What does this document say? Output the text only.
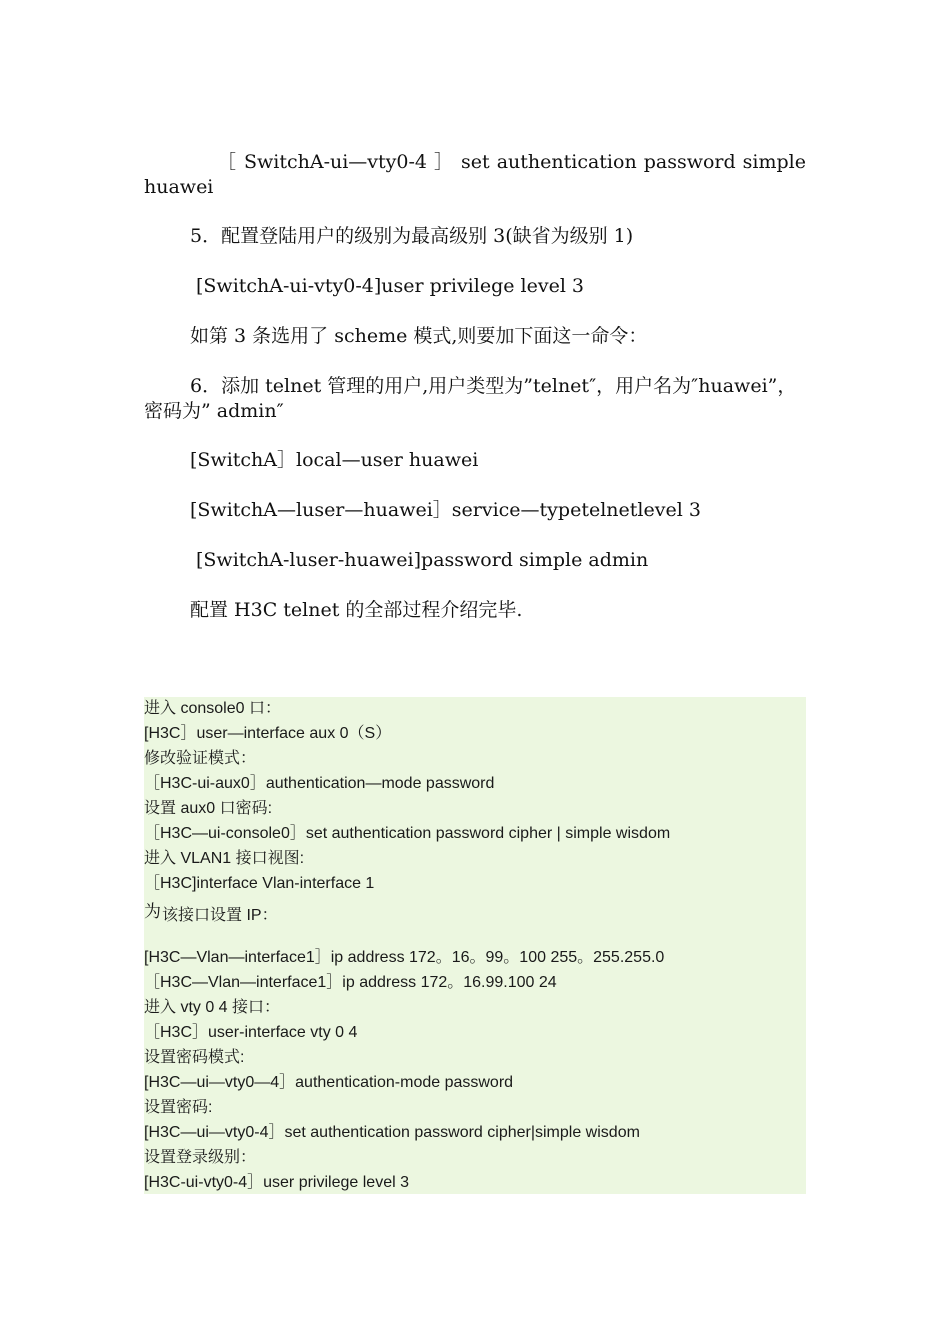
［ SwitchA-ui—vty0-4 ］ set authentication password simple huawei
5．配置登陆用户的级别为最高级别 3(缺省为级别 1)
[SwitchA-ui-vty0-4]user privilege level 3
如第 3 条选用了 scheme 模式,则要加下面这一命令：
6．添加 telnet 管理的用户,用户类型为”telnet″，用户名为″huawei”，密码为” admin″
[SwitchA］local—user huawei
[SwitchA—luser—huawei］service—typetelnetlevel 3
[SwitchA-luser-huawei]password simple admin
配置 H3C telnet 的全部过程介绍完毕.
进入 console0 口：
[H3C］user—interface aux 0（S）
修改验证模式：
［H3C-ui-aux0］authentication—mode password
设置 aux0 口密码:
［H3C—ui-console0］set authentication password cipher | simple wisdom
进入 VLAN1 接口视图:
［H3C]interface Vlan-interface 1
为 该接口设置 IP：
[H3C—Vlan—interface1］ip address 172。16。99。100 255。255.255.0
［H3C—Vlan—interface1］ip address 172。16.99.100 24
进入 vty 0 4 接口：
［H3C］user-interface vty 0 4
设置密码模式:
[H3C—ui—vty0—4］authentication-mode password
设置密码:
[H3C—ui—vty0-4］set authentication password cipher|simple wisdom
设置登录级别：
[H3C-ui-vty0-4］user privilege level 3
